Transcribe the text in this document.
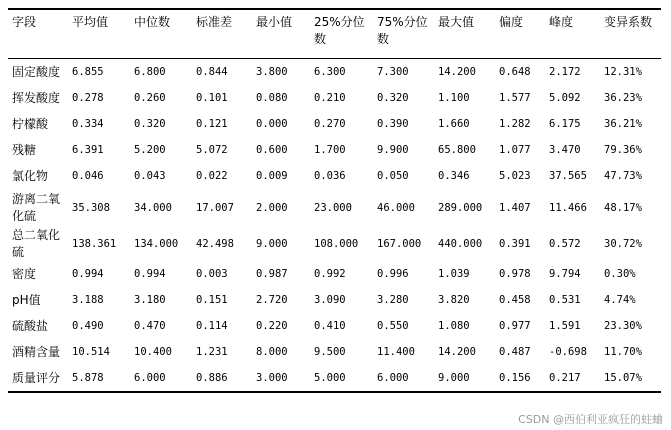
字段	平均值	中位数	标准差	最小值	25%分位数	75%分位数	最大值	偏度	峰度	变异系数
固定酸度	6.855	6.800	0.844	3.800	6.300	7.300	14.200	0.648	2.172	12.31%
挥发酸度	0.278	0.260	0.101	0.080	0.210	0.320	1.100	1.577	5.092	36.23%
柠檬酸	0.334	0.320	0.121	0.000	0.270	0.390	1.660	1.282	6.175	36.21%
残糖	6.391	5.200	5.072	0.600	1.700	9.900	65.800	1.077	3.470	79.36%
氯化物	0.046	0.043	0.022	0.009	0.036	0.050	0.346	5.023	37.565	47.73%
游离二氧化硫	35.308	34.000	17.007	2.000	23.000	46.000	289.000	1.407	11.466	48.17%
总二氧化硫	138.361	134.000	42.498	9.000	108.000	167.000	440.000	0.391	0.572	30.72%
密度	0.994	0.994	0.003	0.987	0.992	0.996	1.039	0.978	9.794	0.30%
pH值	3.188	3.180	0.151	2.720	3.090	3.280	3.820	0.458	0.531	4.74%
硫酸盐	0.490	0.470	0.114	0.220	0.410	0.550	1.080	0.977	1.591	23.30%
酒精含量	10.514	10.400	1.231	8.000	9.500	11.400	14.200	0.487	-0.698	11.70%
质量评分	5.878	6.000	0.886	3.000	5.000	6.000	9.000	0.156	0.217	15.07%
CSDN @西伯利亚疯狂的蛀蛐
